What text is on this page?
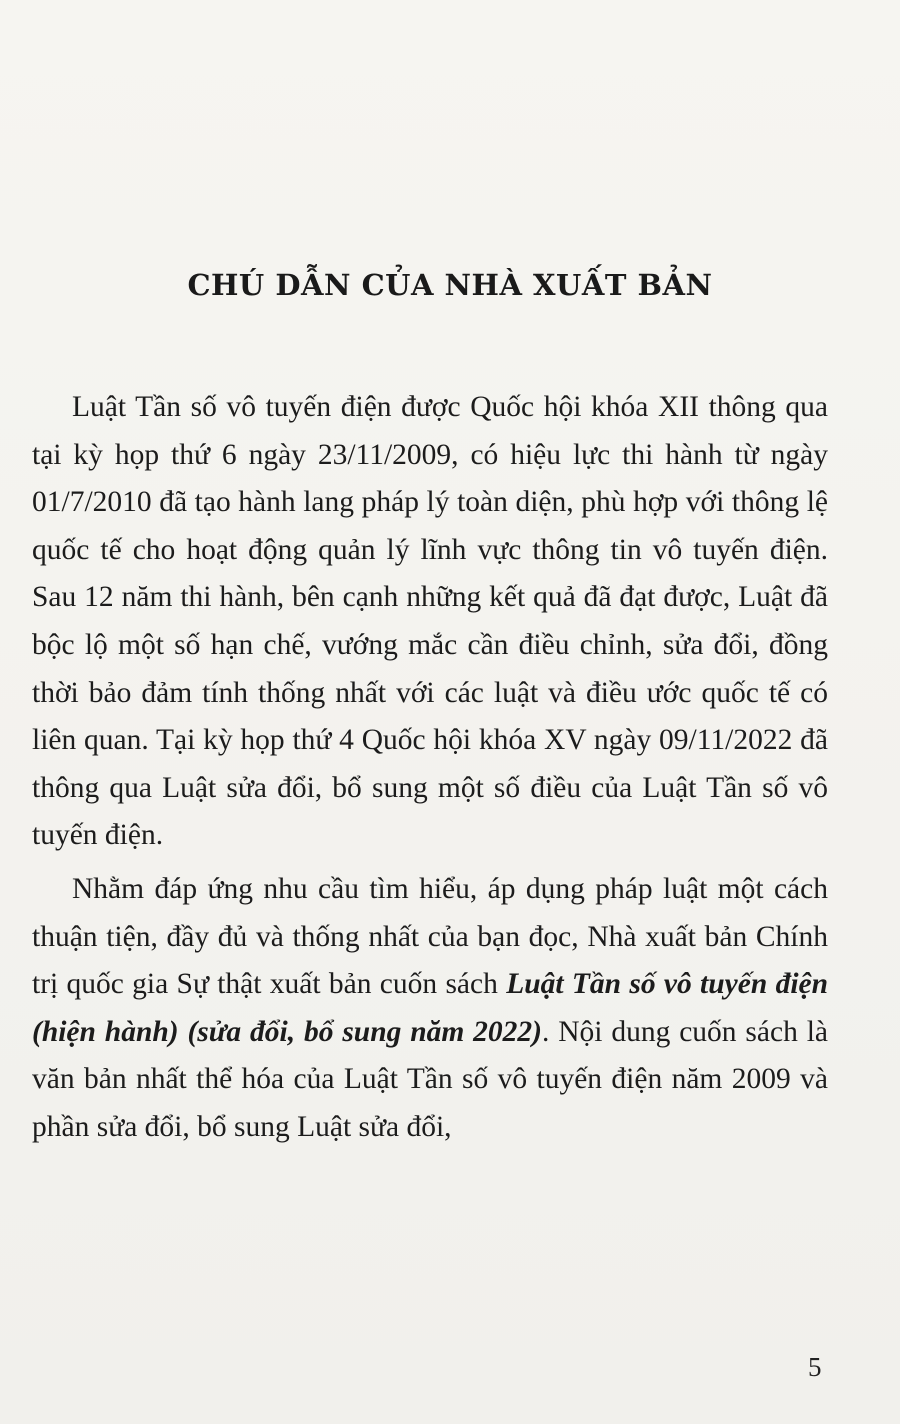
CHÚ DẪN CỦA NHÀ XUẤT BẢN

Luật Tần số vô tuyến điện được Quốc hội khóa XII thông qua tại kỳ họp thứ 6 ngày 23/11/2009, có hiệu lực thi hành từ ngày 01/7/2010 đã tạo hành lang pháp lý toàn diện, phù hợp với thông lệ quốc tế cho hoạt động quản lý lĩnh vực thông tin vô tuyến điện. Sau 12 năm thi hành, bên cạnh những kết quả đã đạt được, Luật đã bộc lộ một số hạn chế, vướng mắc cần điều chỉnh, sửa đổi, đồng thời bảo đảm tính thống nhất với các luật và điều ước quốc tế có liên quan. Tại kỳ họp thứ 4 Quốc hội khóa XV ngày 09/11/2022 đã thông qua Luật sửa đổi, bổ sung một số điều của Luật Tần số vô tuyến điện.

Nhằm đáp ứng nhu cầu tìm hiểu, áp dụng pháp luật một cách thuận tiện, đầy đủ và thống nhất của bạn đọc, Nhà xuất bản Chính trị quốc gia Sự thật xuất bản cuốn sách Luật Tần số vô tuyến điện (hiện hành) (sửa đổi, bổ sung năm 2022). Nội dung cuốn sách là văn bản nhất thể hóa của Luật Tần số vô tuyến điện năm 2009 và phần sửa đổi, bổ sung Luật sửa đổi,

5
